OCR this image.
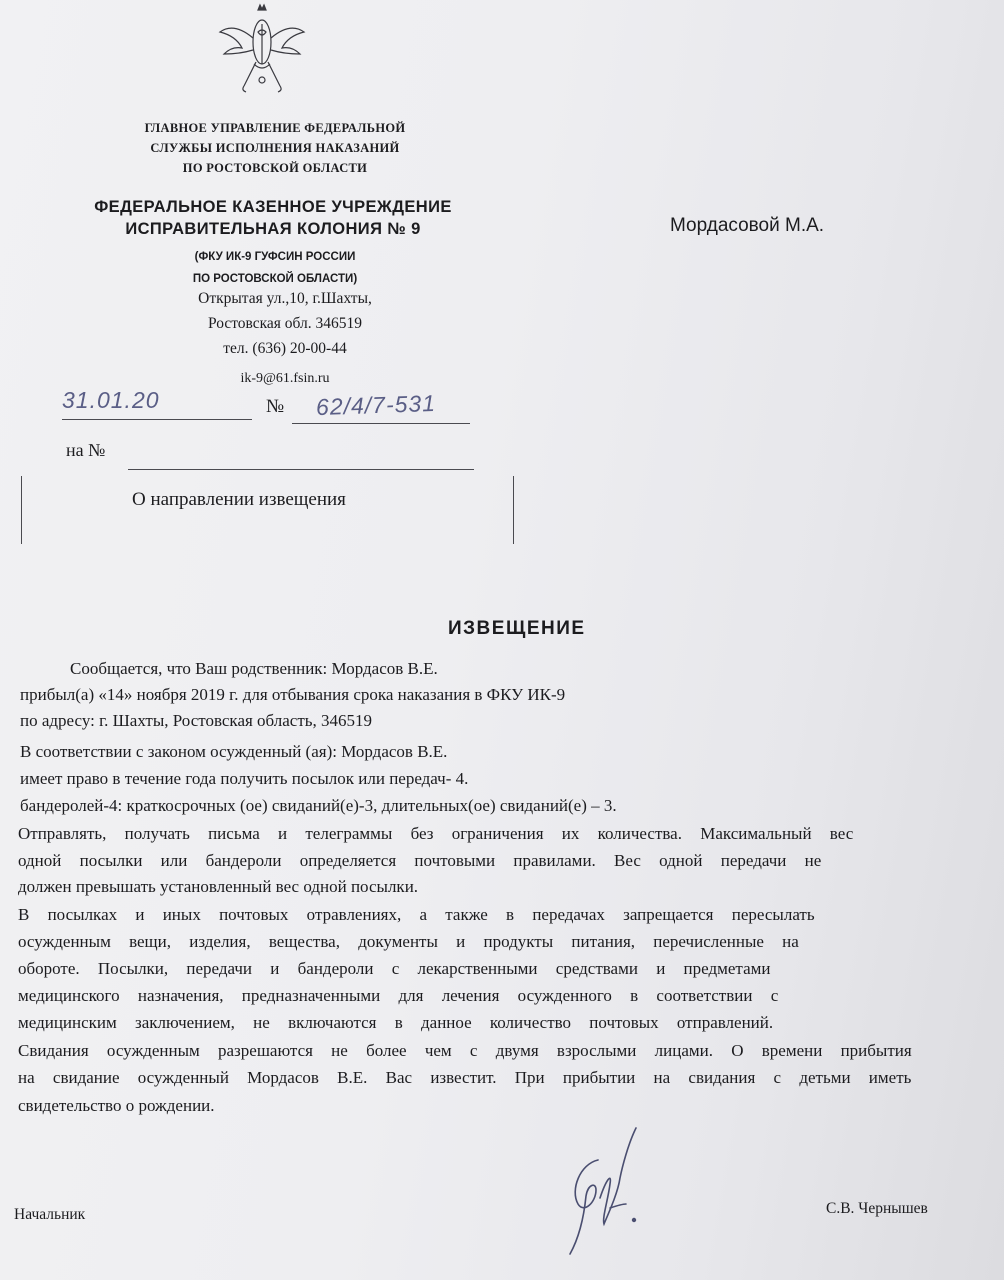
ГЛАВНОЕ УПРАВЛЕНИЕ ФЕДЕРАЛЬНОЙ
СЛУЖБЫ ИСПОЛНЕНИЯ НАКАЗАНИЙ
ПО РОСТОВСКОЙ ОБЛАСТИ
ФЕДЕРАЛЬНОЕ КАЗЕННОЕ УЧРЕЖДЕНИЕ
ИСПРАВИТЕЛЬНАЯ КОЛОНИЯ № 9
(ФКУ ИК-9 ГУФСИН РОССИИ
ПО РОСТОВСКОЙ ОБЛАСТИ)
Открытая ул.,10, г.Шахты,
Ростовская обл. 346519
тел. (636) 20-00-44
ik-9@61.fsin.ru
31.01.20	№ 62/4/7-531
на №
О направлении извещения
Мордасовой М.А.
ИЗВЕЩЕНИЕ
Сообщается, что Ваш родственник: Мордасов В.Е.
прибыл(а) «14» ноября 2019 г. для отбывания срока наказания в ФКУ ИК-9
по адресу: г. Шахты, Ростовская область, 346519
В соответствии с законом осужденный (ая): Мордасов В.Е.
имеет право в течение года получить посылок или передач- 4.
бандеролей-4: краткосрочных (ое) свиданий(е)-3, длительных(ое) свиданий(е) – 3.
Отправлять, получать письма и телеграммы без ограничения их количества. Максимальный вес
одной посылки или бандероли определяется почтовыми правилами. Вес одной передачи не
должен превышать установленный вес одной посылки.
В посылках и иных почтовых отравлениях, а также в передачах запрещается пересылать
осужденным вещи, изделия, вещества, документы и продукты питания, перечисленные на
обороте. Посылки, передачи и бандероли с лекарственными средствами и предметами
медицинского назначения, предназначенными для лечения осужденного в соответствии с
медицинским заключением, не включаются в данное количество почтовых отправлений.
Свидания осужденным разрешаются не более чем с двумя взрослыми лицами. О времени прибытия
на свидание осужденный Мордасов В.Е. Вас известит. При прибытии на свидания с детьми иметь
свидетельство о рождении.
Начальник	С.В. Чернышев
